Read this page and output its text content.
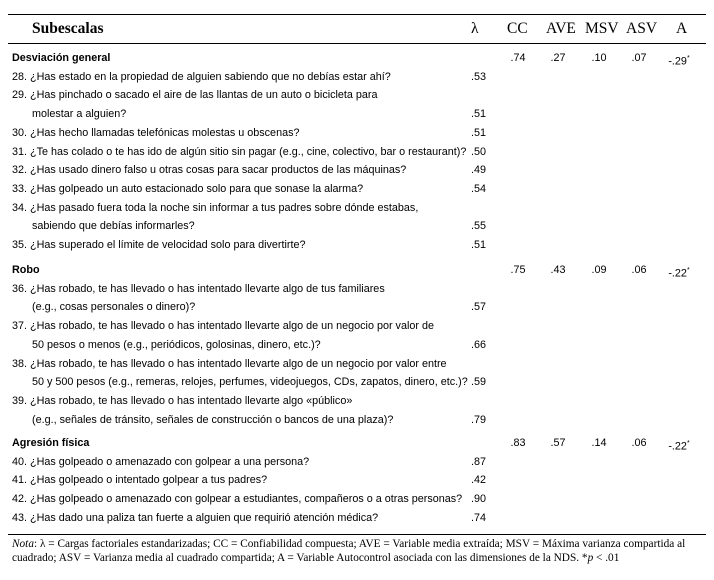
Subescalas	λ CC AVE MSV ASV A
Desviación general	.74	.27	.10	.07	-.29*
28. ¿Has estado en la propiedad de alguien sabiendo que no debías estar ahí?	.53
29. ¿Has pinchado o sacado el aire de las llantas de un auto o bicicleta para
molestar a alguien?	.51
30. ¿Has hecho llamadas telefónicas molestas u obscenas?	.51
31. ¿Te has colado o te has ido de algún sitio sin pagar (e.g., cine, colectivo, bar o restaurant)? .50
32. ¿Has usado dinero falso u otras cosas para sacar productos de las máquinas?	.49
33. ¿Has golpeado un auto estacionado solo para que sonase la alarma?	.54
34. ¿Has pasado fuera toda la noche sin informar a tus padres sobre dónde estabas,
sabiendo que debías informarles?	.55
35. ¿Has superado el límite de velocidad solo para divertirte?	.51
Robo	.75	.43	.09	.06	-.22*
36. ¿Has robado, te has llevado o has intentado llevarte algo de tus familiares
(e.g., cosas personales o dinero)?	.57
37. ¿Has robado, te has llevado o has intentado llevarte algo de un negocio por valor de
50 pesos o menos (e.g., periódicos, golosinas, dinero, etc.)?	.66
38. ¿Has robado, te has llevado o has intentado llevarte algo de un negocio por valor entre
50 y 500 pesos (e.g., remeras, relojes, perfumes, videojuegos, CDs, zapatos, dinero, etc.)? .59
39. ¿Has robado, te has llevado o has intentado llevarte algo «público»
(e.g., señales de tránsito, señales de construcción o bancos de una plaza)?	.79
Agresión física	.83	.57	.14	.06	-.22*
40. ¿Has golpeado o amenazado con golpear a una persona?	.87
41. ¿Has golpeado o intentado golpear a tus padres?	.42
42. ¿Has golpeado o amenazado con golpear a estudiantes, compañeros o a otras personas? .90
43. ¿Has dado una paliza tan fuerte a alguien que requirió atención médica?	.74
Nota: λ = Cargas factoriales estandarizadas; CC = Confiabilidad compuesta; AVE = Variable media extraída; MSV = Máxima varianza compartida al
cuadrado; ASV = Varianza media al cuadrado compartida; A = Variable Autocontrol asociada con las dimensiones de la NDS. *p < .01
